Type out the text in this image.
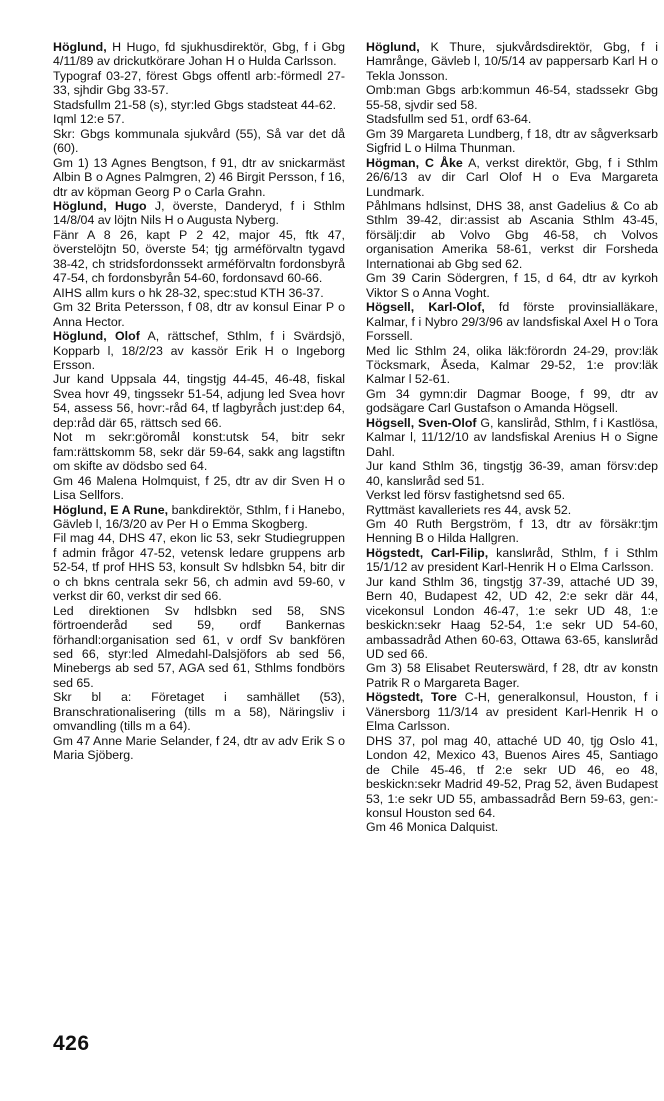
Höglund, H Hugo, fd sjukhusdirektör, Gbg, f i Gbg 4/11/89 av drickutkörare Johan H o Hulda Carlsson.

Typograf 03-27, förest Gbgs offentl arb:-förmedl 27-33, sjhdir Gbg 33-57.

Stadsfullm 21-58 (s), styr:led Gbgs stadsteat 44-62.

Iqml 12:e 57.

Skr: Gbgs kommunala sjukvård (55), Så var det då (60).

Gm 1) 13 Agnes Bengtson, f 91, dtr av snickarmäst Albin B o Agnes Palmgren, 2) 46 Birgit Persson, f 16, dtr av köpman Georg P o Carla Grahn.

Höglund, Hugo J, överste, Danderyd, f i Sthlm 14/8/04 av löjtn Nils H o Augusta Nyberg.

Fänr A 8 26, kapt P 2 42, major 45, ftk 47, överstelöjtn 50, överste 54; tjg arméförvaltn tygavd 38-42, ch stridsfordonssekt arméförvaltn fordonsbyrå 47-54, ch fordonsbyrån 54-60, fordonsavd 60-66.

AIHS allm kurs o hk 28-32, spec:stud KTH 36-37.

Gm 32 Brita Petersson, f 08, dtr av konsul Einar P o Anna Hector.

Höglund, Olof A, rättschef, Sthlm, f i Svärdsjö, Kopparb l, 18/2/23 av kassör Erik H o Ingeborg Ersson.

Jur kand Uppsala 44, tingstjg 44-45, 46-48, fiskal Svea hovr 49, tingssekr 51-54, adjung led Svea hovr 54, assess 56, hovr:-råd 64, tf lagbyråch just:dep 64, dep:råd där 65, rättsch sed 66.

Not m sekr:göromål konst:utsk 54, bitr sekr fam:rättskomm 58, sekr där 59-64, sakk ang lagstiftn om skifte av dödsbo sed 64.

Gm 46 Malena Holmquist, f 25, dtr av dir Sven H o Lisa Sellfors.

Höglund, E A Rune, bankdirektör, Sthlm, f i Hanebo, Gävleb l, 16/3/20 av Per H o Emma Skogberg.

Fil mag 44, DHS 47, ekon lic 53, sekr Studiegruppen f admin frågor 47-52, vetensk ledare gruppens arb 52-54, tf prof HHS 53, konsult Sv hdlsbkn 54, bitr dir o ch bkns centrala sekr 56, ch admin avd 59-60, v verkst dir 60, verkst dir sed 66.

Led direktionen Sv hdlsbkn sed 58, SNS förtroenderåd sed 59, ordf Bankernas förhandl:organisation sed 61, v ordf Sv bankfören sed 66, styr:led Almedahl-Dalsjöfors ab sed 56, Minebergs ab sed 57, AGA sed 61, Sthlms fondbörs sed 65.

Skr bl a: Företaget i samhället (53), Branschrationalisering (tills m a 58), Näringsliv i omvandling (tills m a 64).

Gm 47 Anne Marie Selander, f 24, dtr av adv Erik S o Maria Sjöberg.

Höglund, K Thure, sjukvårdsdirektör, Gbg, f i Hamrånge, Gävleb l, 10/5/14 av pappersarb Karl H o Tekla Jonsson.

Omb:man Gbgs arb:kommun 46-54, stadssekr Gbg 55-58, sjvdir sed 58.

Stadsfullm sed 51, ordf 63-64.

Gm 39 Margareta Lundberg, f 18, dtr av sågverksarb Sigfrid L o Hilma Thunman.

Högman, C Åke A, verkst direktör, Gbg, f i Sthlm 26/6/13 av dir Carl Olof H o Eva Margareta Lundmark.

Påhlmans hdlsinst, DHS 38, anst Gadelius & Co ab Sthlm 39-42, dir:assist ab Ascania Sthlm 43-45, försälj:dir ab Volvo Gbg 46-58, ch Volvos organisation Amerika 58-61, verkst dir Forsheda Internationai ab Gbg sed 62.

Gm 39 Carin Södergren, f 15, d 64, dtr av kyrkoh Viktor S o Anna Voght.

Högsell, Karl-Olof, fd förste provinsialläkare, Kalmar, f i Nybro 29/3/96 av landsfiskal Axel H o Tora Forssell.

Med lic Sthlm 24, olika läk:förordn 24-29, prov:läk Töcksmark, Åseda, Kalmar 29-52, 1:e prov:läk Kalmar l 52-61.

Gm 34 gymn:dir Dagmar Booge, f 99, dtr av godsägare Carl Gustafson o Amanda Högsell.

Högsell, Sven-Olof G, kansliråd, Sthlm, f i Kastlösa, Kalmar l, 11/12/10 av landsfiskal Arenius H o Signe Dahl.

Jur kand Sthlm 36, tingstjg 36-39, aman försv:dep 40, kanslиråd sed 51.

Verkst led försv fastighetsnd sed 65.

Ryttmäst kavalleriets res 44, avsk 52.

Gm 40 Ruth Bergström, f 13, dtr av försäkr:tjm Henning B o Hilda Hallgren.

Högstedt, Carl-Filip, kanslиråd, Sthlm, f i Sthlm 15/1/12 av president Karl-Henrik H o Elma Carlsson.

Jur kand Sthlm 36, tingstjg 37-39, attaché UD 39, Bern 40, Budapest 42, UD 42, 2:e sekr där 44, vicekonsul London 46-47, 1:e sekr UD 48, 1:e beskickn:sekr Haag 52-54, 1:e sekr UD 54-60, ambassadråd Athen 60-63, Ottawa 63-65, kanslиråd UD sed 66.

Gm 3) 58 Elisabet Reuterswärd, f 28, dtr av konstn Patrik R o Margareta Bager.

Högstedt, Tore C-H, generalkonsul, Houston, f i Vänersborg 11/3/14 av president Karl-Henrik H o Elma Carlsson.

DHS 37, pol mag 40, attaché UD 40, tjg Oslo 41, London 42, Mexico 43, Buenos Aires 45, Santiago de Chile 45-46, tf 2:e sekr UD 46, eo 48, beskickn:sekr Madrid 49-52, Prag 52, även Budapest 53, 1:e sekr UD 55, ambassadråd Bern 59-63, gen:-konsul Houston sed 64.

Gm 46 Monica Dalquist.

426
